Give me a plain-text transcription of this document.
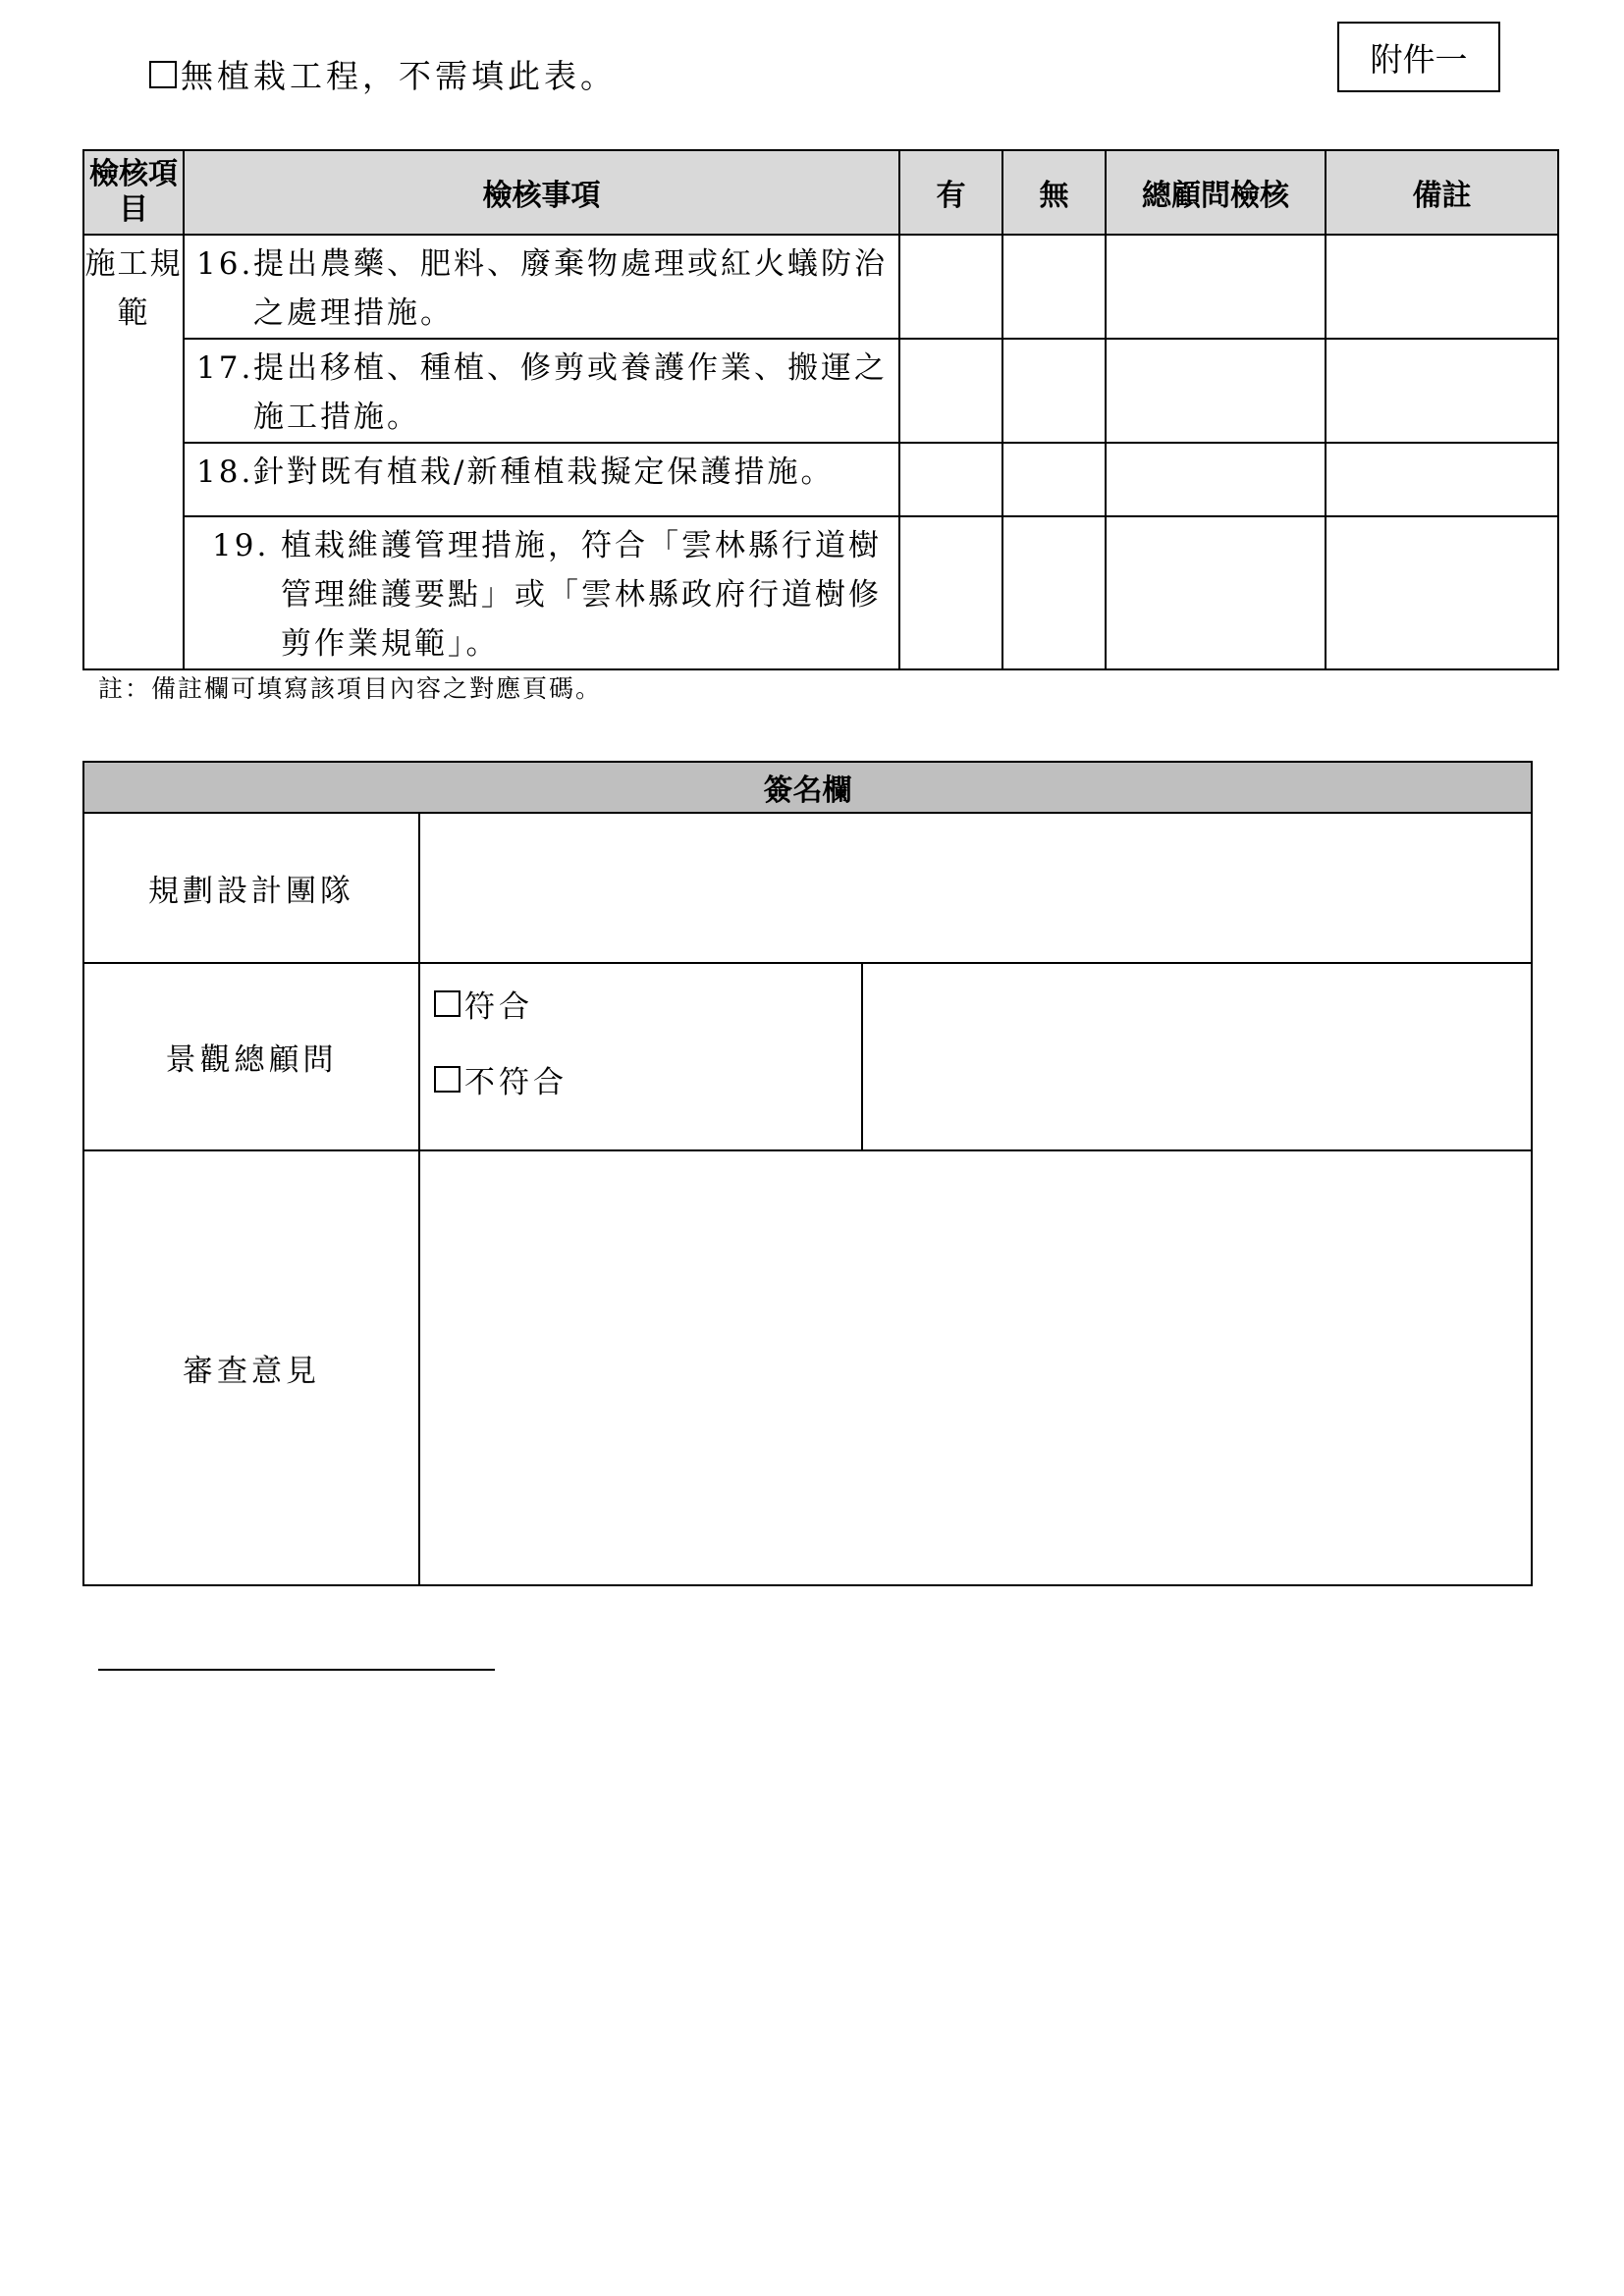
無植栽工程，不需填此表。	附件一
檢核項目	檢核事項	有	無	總顧問檢核	備註
施工規範	16. 提出農藥、肥料、廢棄物處理或紅火蟻防治之處理措施。				

	17. 提出移植、種植、修剪或養護作業、搬運之施工措施。				

	18. 針對既有植栽/新種植栽擬定保護措施。				

	19. 植栽維護管理措施，符合「雲林縣行道樹管理維護要點」或「雲林縣政府行道樹修剪作業規範」。				

註：備註欄可填寫該項目內容之對應頁碼。
簽名欄		
規劃設計團隊		
景觀總顧問	符合
不符合	

審查意見		
